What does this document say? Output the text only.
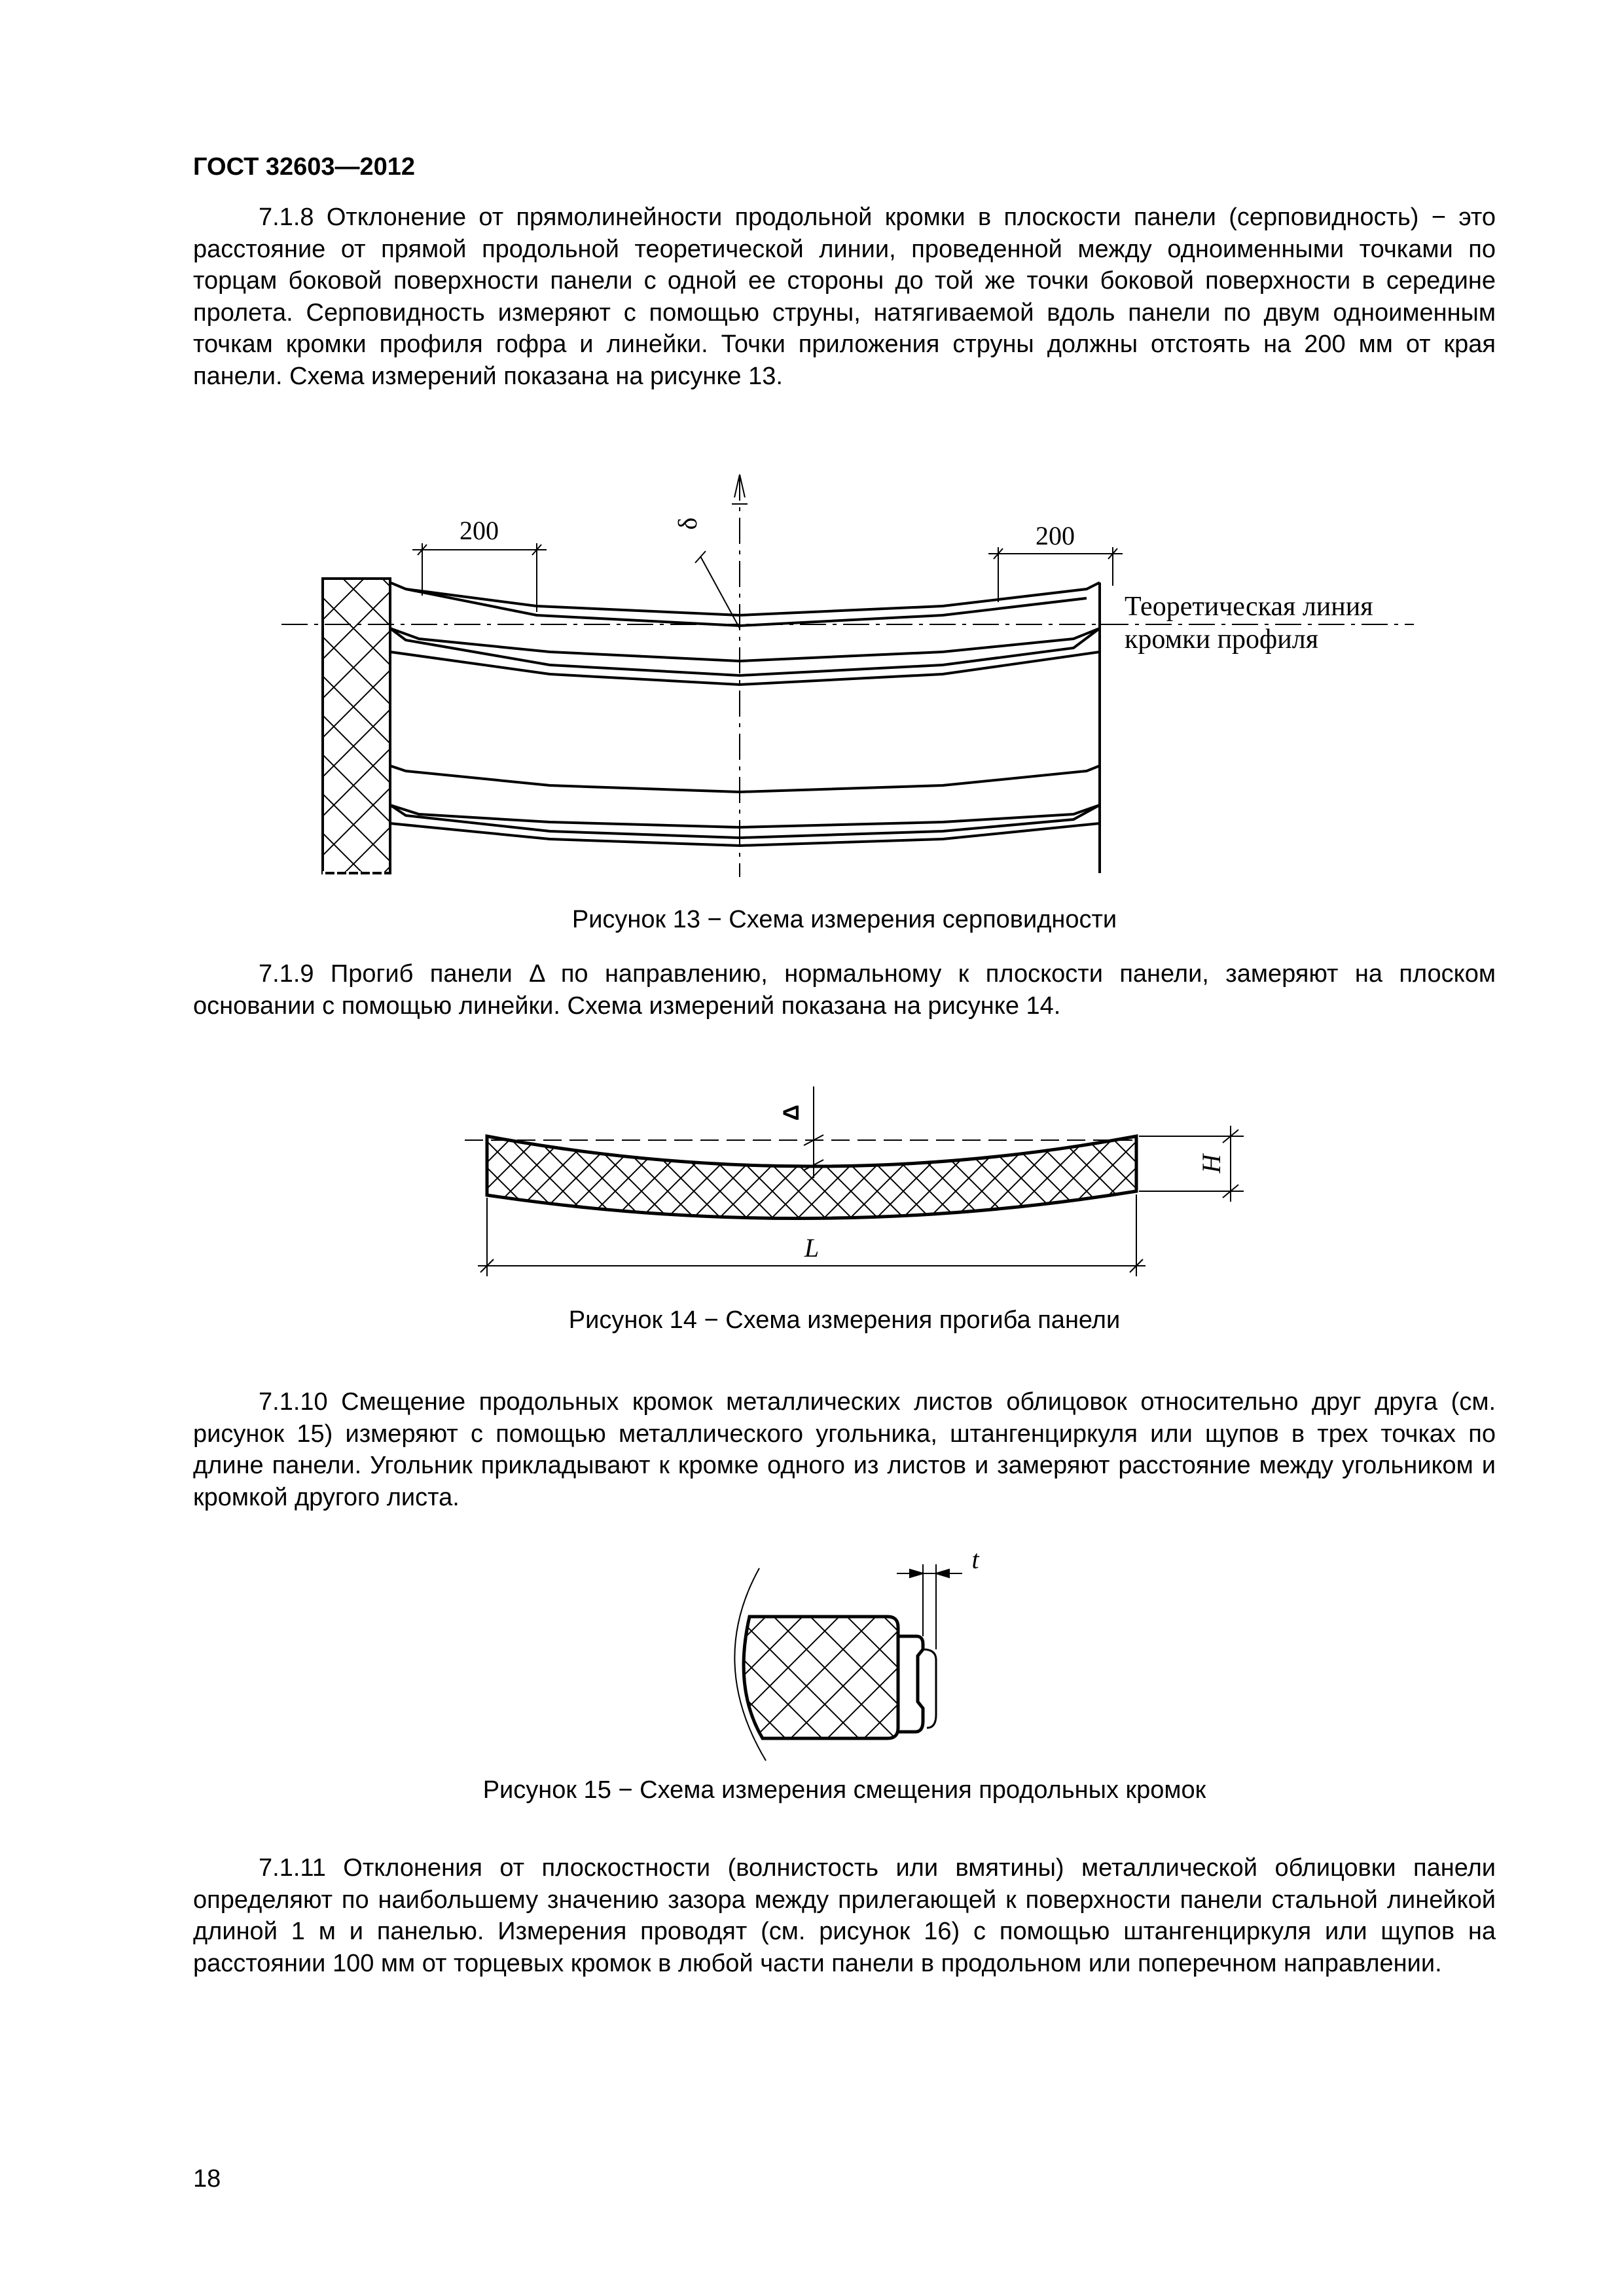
ГОСТ 32603—2012
7.1.8 Отклонение от прямолинейности продольной кромки в плоскости панели (серповидность) − это расстояние от прямой продольной теоретической линии, проведенной между одноименными точками по торцам боковой поверхности панели с одной ее стороны до той же точки боковой поверхности в середине пролета. Серповидность измеряют с помощью струны, натягиваемой вдоль панели по двум одноименным точкам кромки профиля гофра и линейки. Точки приложения струны должны отстоять на 200 мм от края панели. Схема измерений показана на рисунке 13.
200	200
δ
Теоретическая линия
кромки профиля
Рисунок 13 − Схема измерения серповидности
7.1.9 Прогиб панели Δ по направлению, нормальному к плоскости панели, замеряют на плоском основании с помощью линейки. Схема измерений показана на рисунке 14.
Δ
H
L
Рисунок 14 − Схема измерения прогиба панели
7.1.10 Смещение продольных кромок металлических листов облицовок относительно друг друга (см. рисунок 15) измеряют с помощью металлического угольника, штангенциркуля или щупов в трех точках по длине панели. Угольник прикладывают к кромке одного из листов и замеряют расстояние между угольником и кромкой другого листа.
t
Рисунок 15 − Схема измерения смещения продольных кромок
7.1.11 Отклонения от плоскостности (волнистость или вмятины) металлической облицовки панели определяют по наибольшему значению зазора между прилегающей к поверхности панели стальной линейкой длиной 1 м и панелью. Измерения проводят (см. рисунок 16) с помощью штангенциркуля или щупов на расстоянии 100 мм от торцевых кромок в любой части панели в продольном или поперечном направлении.
18
